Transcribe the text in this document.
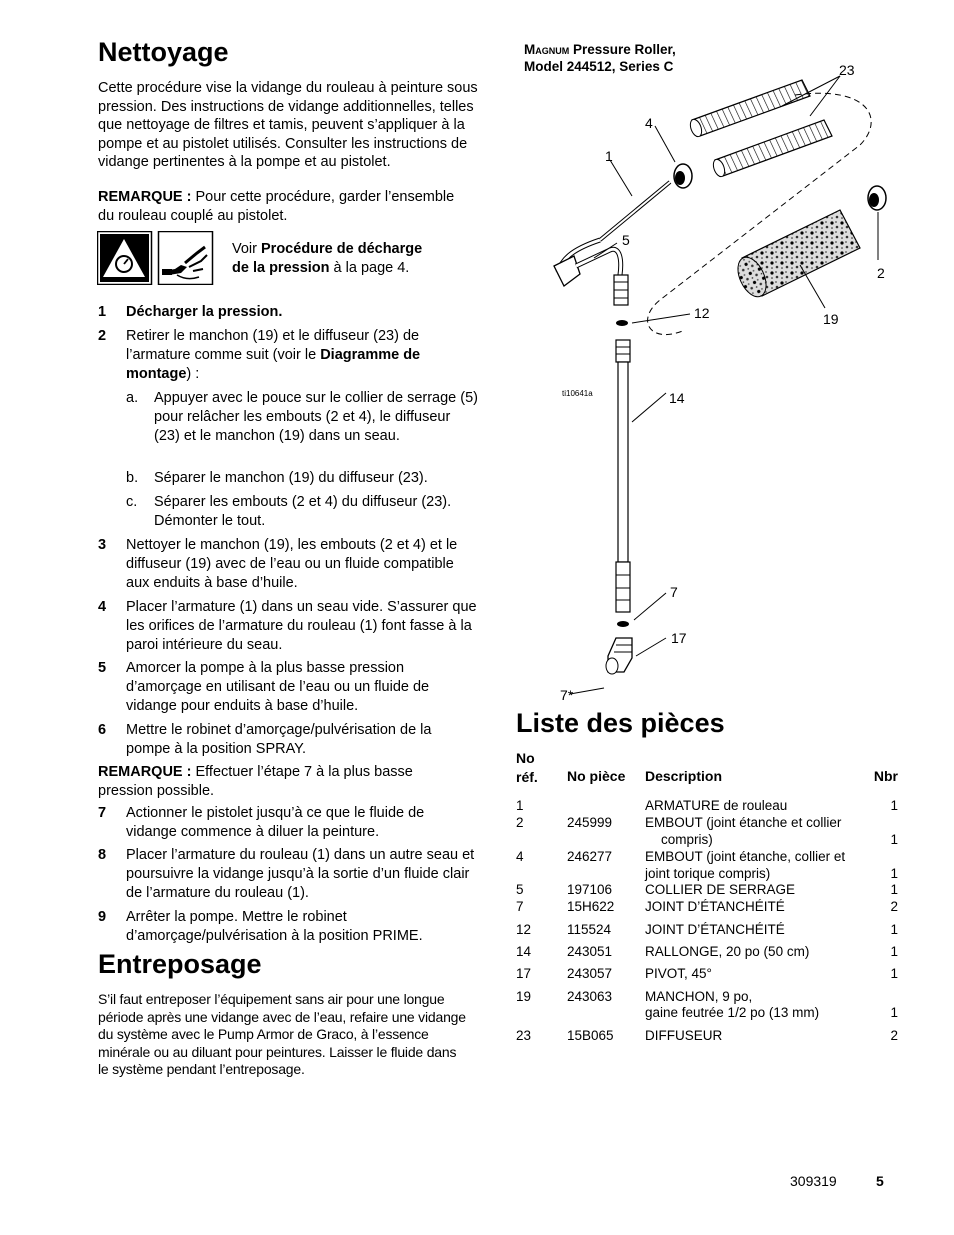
Nettoyage

Cette procédure vise la vidange du rouleau à peinture sous pression. Des instructions de vidange additionnelles, telles que nettoyage de filtres et tamis, peuvent s’appliquer à la pompe et au pistolet utilisés. Consulter les instructions de vidange pertinentes à la pompe et au pistolet.

REMARQUE : Pour cette procédure, garder l’ensemble du rouleau couplé au pistolet.

Voir Procédure de décharge de la pression à la page 4.

1 Décharger la pression.
2 Retirer le manchon (19) et le diffuseur (23) de l’armature comme suit (voir le Diagramme de montage) :
a. Appuyer avec le pouce sur le collier de serrage (5) pour relâcher les embouts (2 et 4), le diffuseur (23) et le manchon (19) dans un seau.
b. Séparer le manchon (19) du diffuseur (23).
c. Séparer les embouts (2 et 4) du diffuseur (23). Démonter le tout.
3 Nettoyer le manchon (19), les embouts (2 et 4) et le diffuseur (19) avec de l’eau ou un fluide compatible aux enduits à base d’huile.
4 Placer l’armature (1) dans un seau vide. S’assurer que les orifices de l’armature du rouleau (1) font fasse à la paroi intérieure du seau.
5 Amorcer la pompe à la plus basse pression d’amorçage en utilisant de l’eau ou un fluide de vidange pour enduits à base d’huile.
6 Mettre le robinet d’amorçage/pulvérisation de la pompe à la position SPRAY.

REMARQUE : Effectuer l’étape 7 à la plus basse pression possible.

7 Actionner le pistolet jusqu’à ce que le fluide de vidange commence à diluer la peinture.
8 Placer l’armature du rouleau (1) dans un autre seau et poursuivre la vidange jusqu’à la sortie d’un fluide clair de l’armature du rouleau (1).
9 Arrêter la pompe. Mettre le robinet d’amorçage/pulvérisation à la position PRIME.
Entreposage

S’il faut entreposer l’équipement sans air pour une longue période après une vidange avec de l’eau, refaire une vidange du système avec le Pump Armor de Graco, à l’essence minérale ou au diluant pour peintures. Laisser le fluide dans le système pendant l’entreposage.

Magnum Pressure Roller,
Model 244512, Series C	23
4
1
5
2
12	19
ti10641a	14
7
17
7*
Liste des pièces
No
réf. No pièce Description	Nbr
1	ARMATURE de rouleau	1
2	245999 EMBOUT (joint étanche et collier
compris)	1
4	246277 EMBOUT (joint étanche, collier et
joint torique compris)	1
5	197106 COLLIER DE SERRAGE	1
7	15H622 JOINT D’ÉTANCHÉITÉ	2
12	115524	JOINT D’ÉTANCHÉITÉ	1
14	243051 RALLONGE, 20 po (50 cm)	1
17	243057 PIVOT, 45°	1
19	243063 MANCHON, 9 po,
gaine feutrée 1/2 po (13 mm)	1
23	15B065 DIFFUSEUR	2
309319	5
